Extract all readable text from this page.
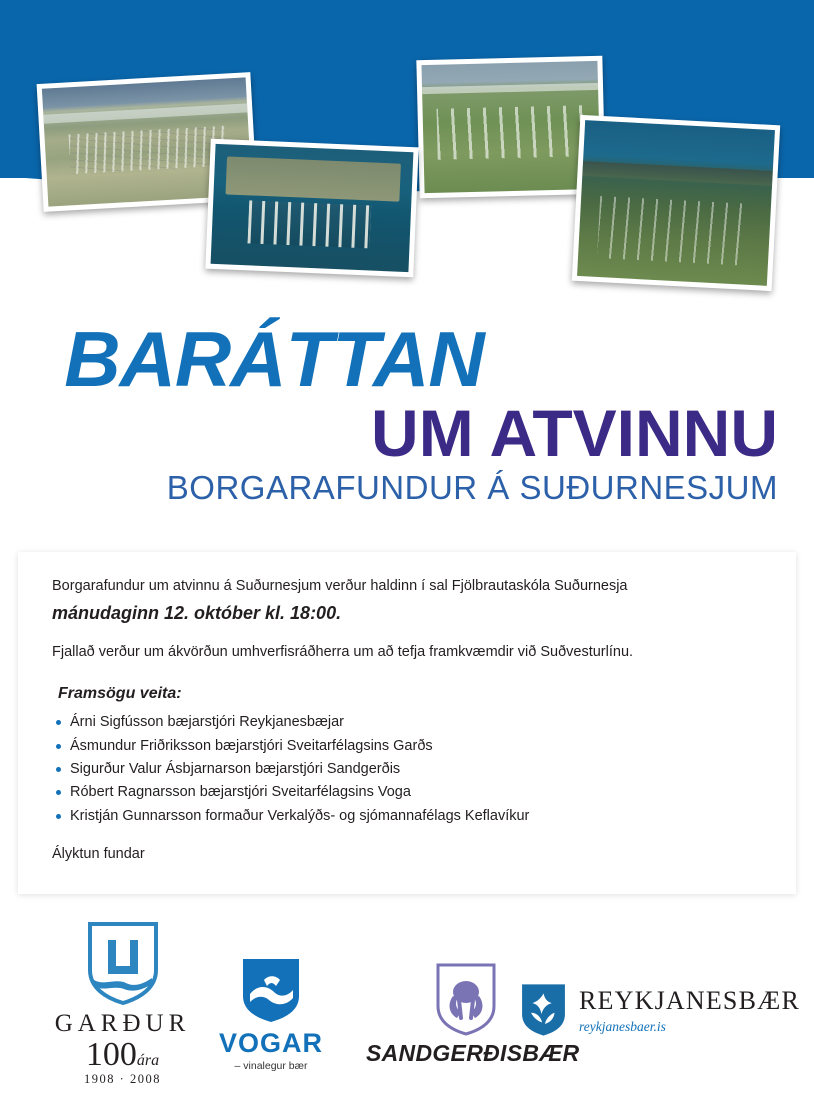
BARÁTTAN
UM ATVINNU
BORGARAFUNDUR Á SUÐURNESJUM

Borgarafundur um atvinnu á Suðurnesjum verður haldinn í sal Fjölbrautaskóla Suðurnesja

mánudaginn 12. október kl. 18:00.

Fjallað verður um ákvörðun umhverfisráðherra um að tefja framkvæmdir við Suðvesturlínu.

Framsögu veita:
Árni Sigfússon bæjarstjóri Reykjanesbæjar
Ásmundur Friðriksson bæjarstjóri Sveitarfélagsins Garðs
Sigurður Valur Ásbjarnarson bæjarstjóri Sandgerðis
Róbert Ragnarsson bæjarstjóri Sveitarfélagsins Voga
Kristján Gunnarsson formaður Verkalýðs- og sjómannafélags Keflavíkur

Ályktun fundar

GARÐUR
100ára
1908 · 2008
VOGAR
– vinalegur bær	SANDGERÐISBÆR
REYKJANESBÆR
reykjanesbaer.is
